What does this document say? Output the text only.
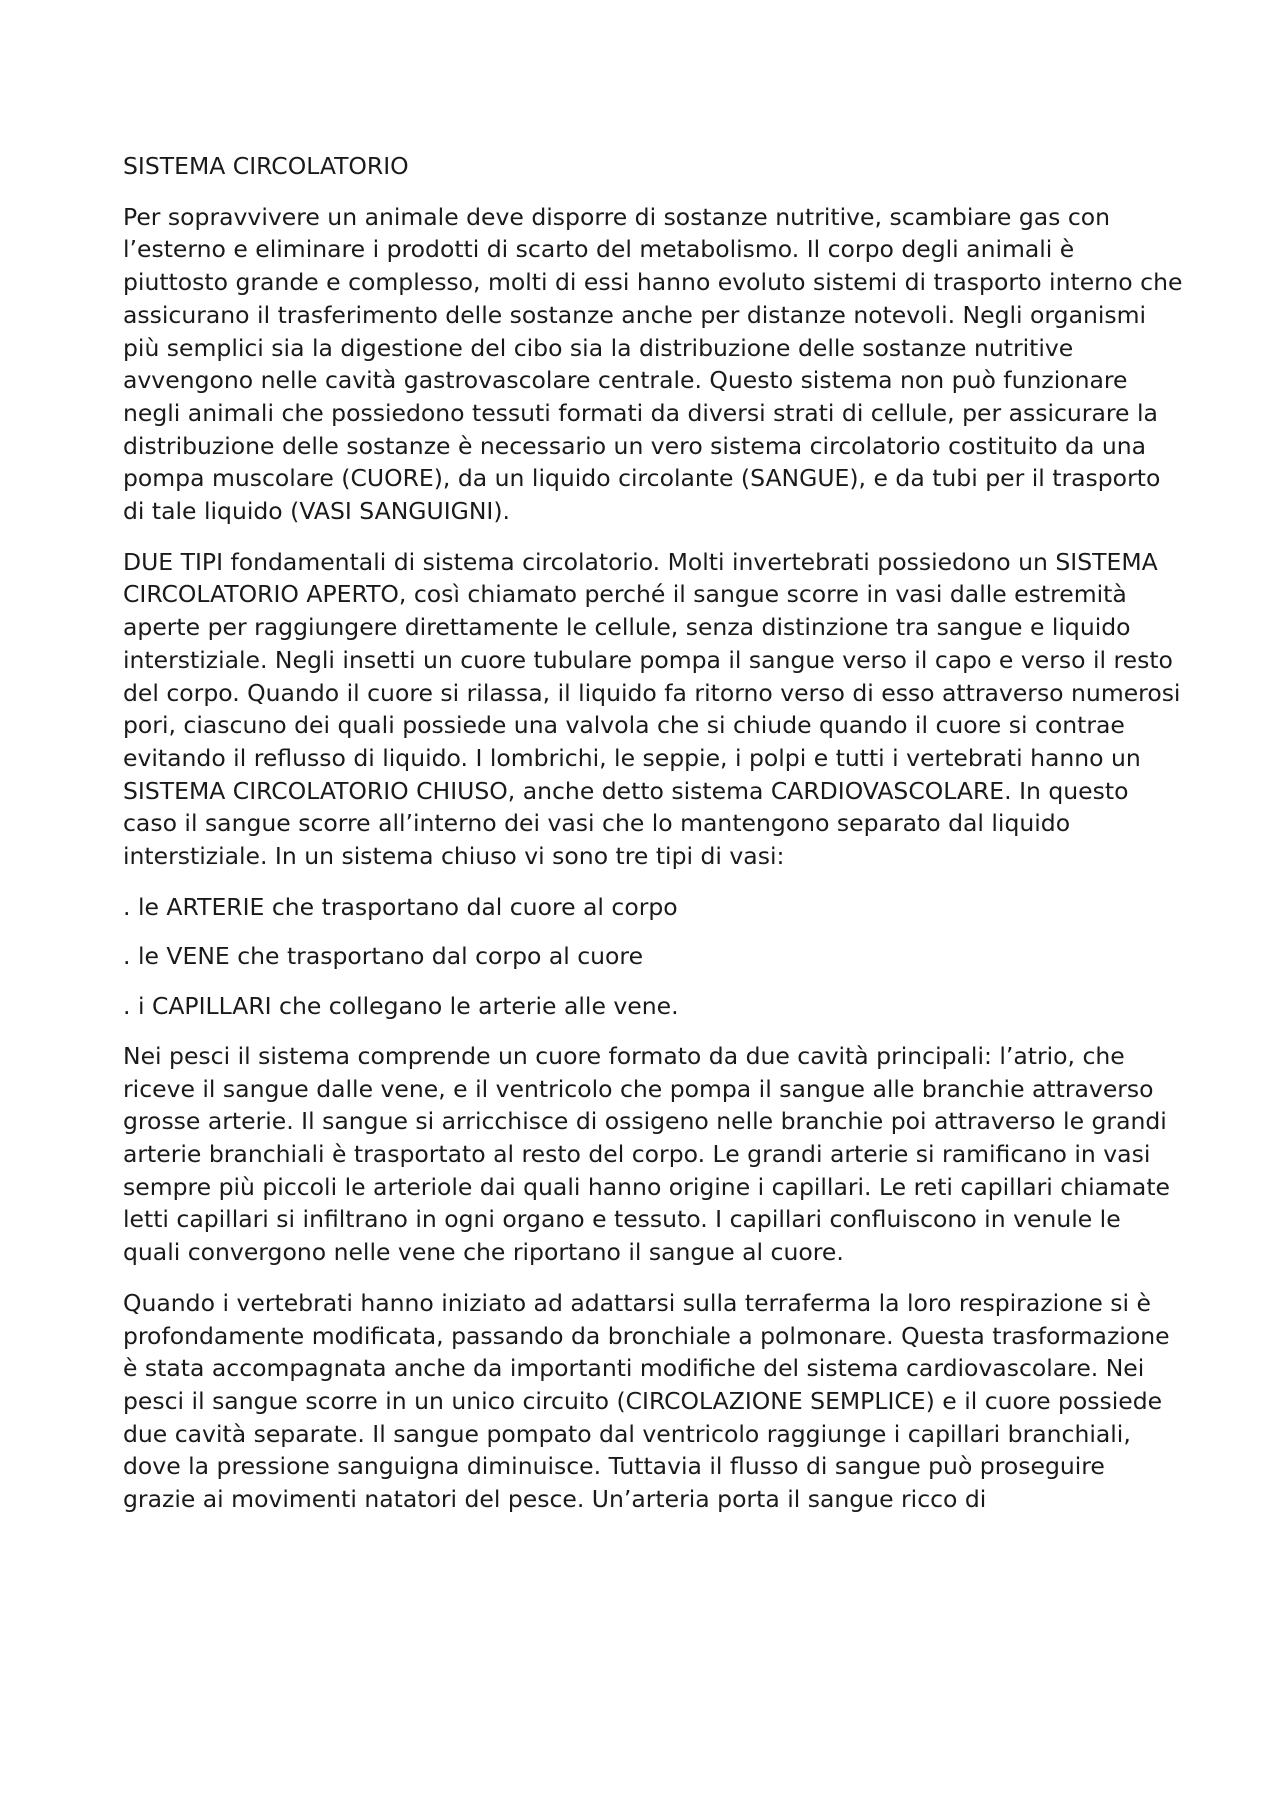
SISTEMA CIRCOLATORIO

Per sopravvivere un animale deve disporre di sostanze nutritive, scambiare gas con l’esterno e eliminare i prodotti di scarto del metabolismo. Il corpo degli animali è piuttosto grande e complesso, molti di essi hanno evoluto sistemi di trasporto interno che assicurano il trasferimento delle sostanze anche per distanze notevoli. Negli organismi più semplici sia la digestione del cibo sia la distribuzione delle sostanze nutritive avvengono nelle cavità gastrovascolare centrale. Questo sistema non può funzionare negli animali che possiedono tessuti formati da diversi strati di cellule, per assicurare la distribuzione delle sostanze è necessario un vero sistema circolatorio costituito da una pompa muscolare (CUORE), da un liquido circolante (SANGUE), e da tubi per il trasporto di tale liquido (VASI SANGUIGNI).

DUE TIPI fondamentali di sistema circolatorio. Molti invertebrati possiedono un SISTEMA CIRCOLATORIO APERTO, così chiamato perché il sangue scorre in vasi dalle estremità aperte per raggiungere direttamente le cellule, senza distinzione tra sangue e liquido interstiziale. Negli insetti un cuore tubulare pompa il sangue verso il capo e verso il resto del corpo. Quando il cuore si rilassa, il liquido fa ritorno verso di esso attraverso numerosi pori, ciascuno dei quali possiede una valvola che si chiude quando il cuore si contrae evitando il reflusso di liquido. I lombrichi, le seppie, i polpi e tutti i vertebrati hanno un SISTEMA CIRCOLATORIO CHIUSO, anche detto sistema CARDIOVASCOLARE. In questo caso il sangue scorre all’interno dei vasi che lo mantengono separato dal liquido interstiziale. In un sistema chiuso vi sono tre tipi di vasi:

. le ARTERIE che trasportano dal cuore al corpo

. le VENE che trasportano dal corpo al cuore

. i CAPILLARI che collegano le arterie alle vene.

Nei pesci il sistema comprende un cuore formato da due cavità principali: l’atrio, che riceve il sangue dalle vene, e il ventricolo che pompa il sangue alle branchie attraverso grosse arterie. Il sangue si arricchisce di ossigeno nelle branchie poi attraverso le grandi arterie branchiali è trasportato al resto del corpo. Le grandi arterie si ramificano in vasi sempre più piccoli le arteriole dai quali hanno origine i capillari. Le reti capillari chiamate letti capillari si infiltrano in ogni organo e tessuto. I capillari confluiscono in venule le quali convergono nelle vene che riportano il sangue al cuore.

Quando i vertebrati hanno iniziato ad adattarsi sulla terraferma la loro respirazione si è profondamente modificata, passando da bronchiale a polmonare. Questa trasformazione è stata accompagnata anche da importanti modifiche del sistema cardiovascolare. Nei pesci il sangue scorre in un unico circuito (CIRCOLAZIONE SEMPLICE) e il cuore possiede due cavità separate. Il sangue pompato dal ventricolo raggiunge i capillari branchiali, dove la pressione sanguigna diminuisce. Tuttavia il flusso di sangue può proseguire grazie ai movimenti natatori del pesce. Un’arteria porta il sangue ricco di
